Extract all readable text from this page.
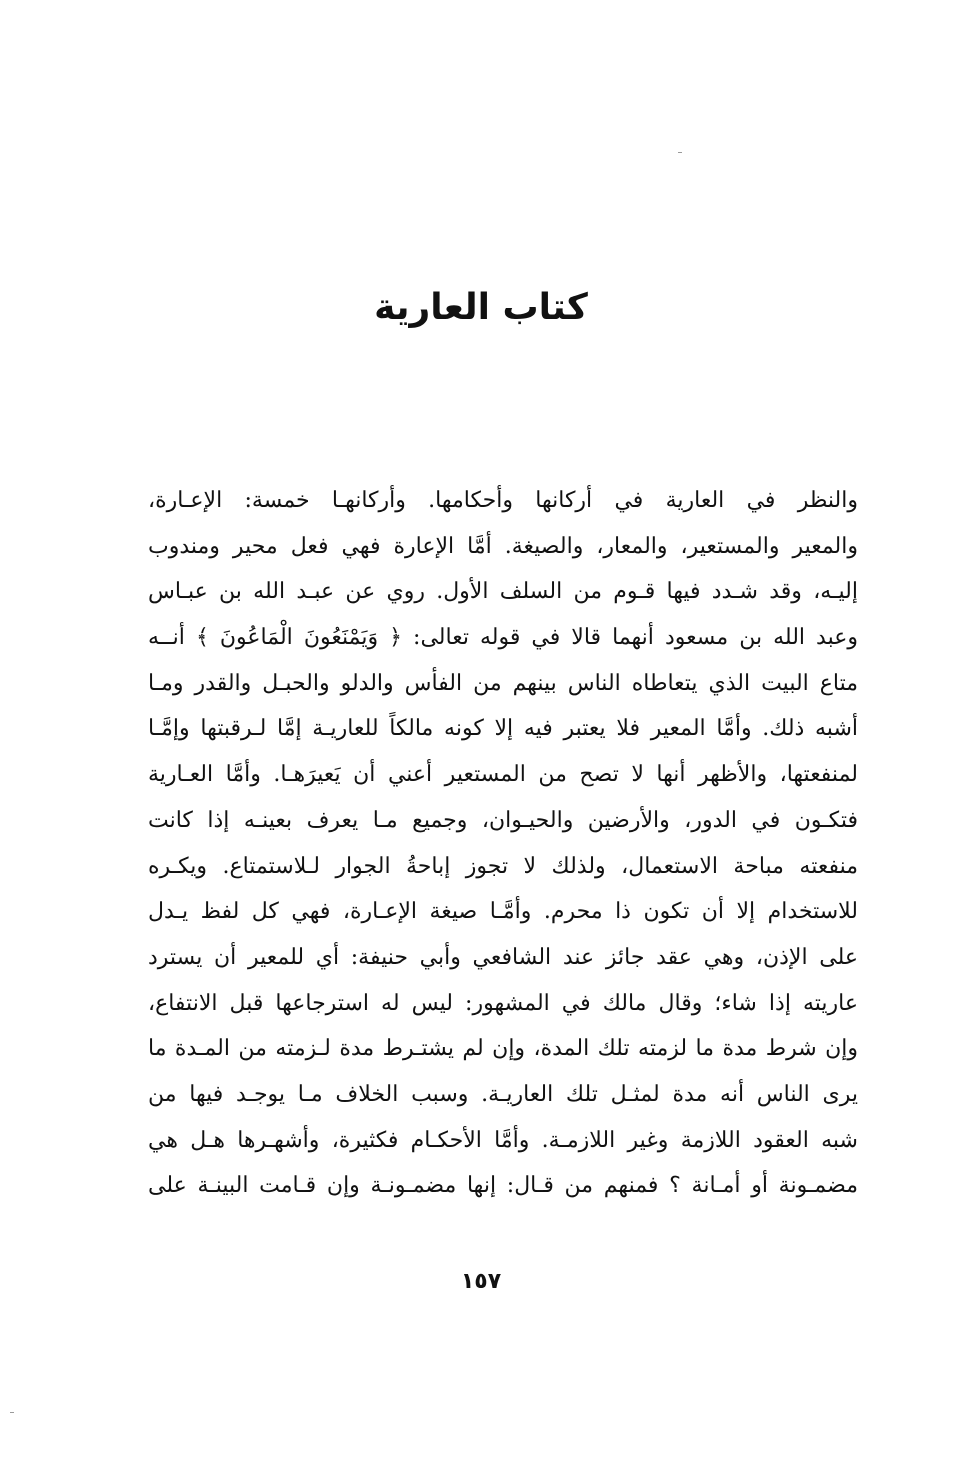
كتاب العارية
والنظر في العارية في أركانها وأحكامها. وأركانهـا خمسة: الإعـارة،
والمعير والمستعير، والمعار، والصيغة. أمَّا الإعارة فهي فعل محير ومندوب
إليـه، وقد شـدد فيها قـوم من السلف الأول. روي عن عبـد الله بن عبـاس
وعبد الله بن مسعود أنهما قالا في قوله تعالى: ﴿ وَيَمْنَعُونَ الْمَاعُونَ ﴾ أنــه
متاع البيت الذي يتعاطاه الناس بينهم من الفأس والدلو والحبـل والقدر ومـا
أشبه ذلك. وأمَّا المعير فلا يعتبر فيه إلا كونه مالكاً للعاريـة إمَّا لـرقبتها وإمَّـا
لمنفعتها، والأظهر أنها لا تصح من المستعير أعني أن يَعيرَهـا. وأمَّا العـارية
فتكـون في الدور، والأرضين والحيـوان، وجميع مـا يعرف بعينـه إذا كانت
منفعته مباحة الاستعمال، ولذلك لا تجوز إباحةُ الجوار لـلاستمتاع. ويكـره
للاستخدام إلا أن تكون ذا محرم. وأمَّـا صيغة الإعـارة، فهي كل لفظ يـدل
على الإذن، وهي عقد جائز عند الشافعي وأبي حنيفة: أي للمعير أن يسترد
عاريته إذا شاء؛ وقال مالك في المشهور: ليس له استرجاعها قبل الانتفاع،
وإن شرط مدة ما لزمته تلك المدة، وإن لم يشتـرط مدة لـزمته من المـدة ما
يرى الناس أنه مدة لمثـل تلك العاريـة. وسبب الخلاف مـا يوجـد فيها من
شبه العقود اللازمة وغير اللازمـة. وأمَّا الأحكـام فكثيرة، وأشهـرها هـل هي
مضمـونة أو أمـانة ؟ فمنهم من قـال: إنها مضمـونـة وإن قـامت البينـة على
١٥٧
